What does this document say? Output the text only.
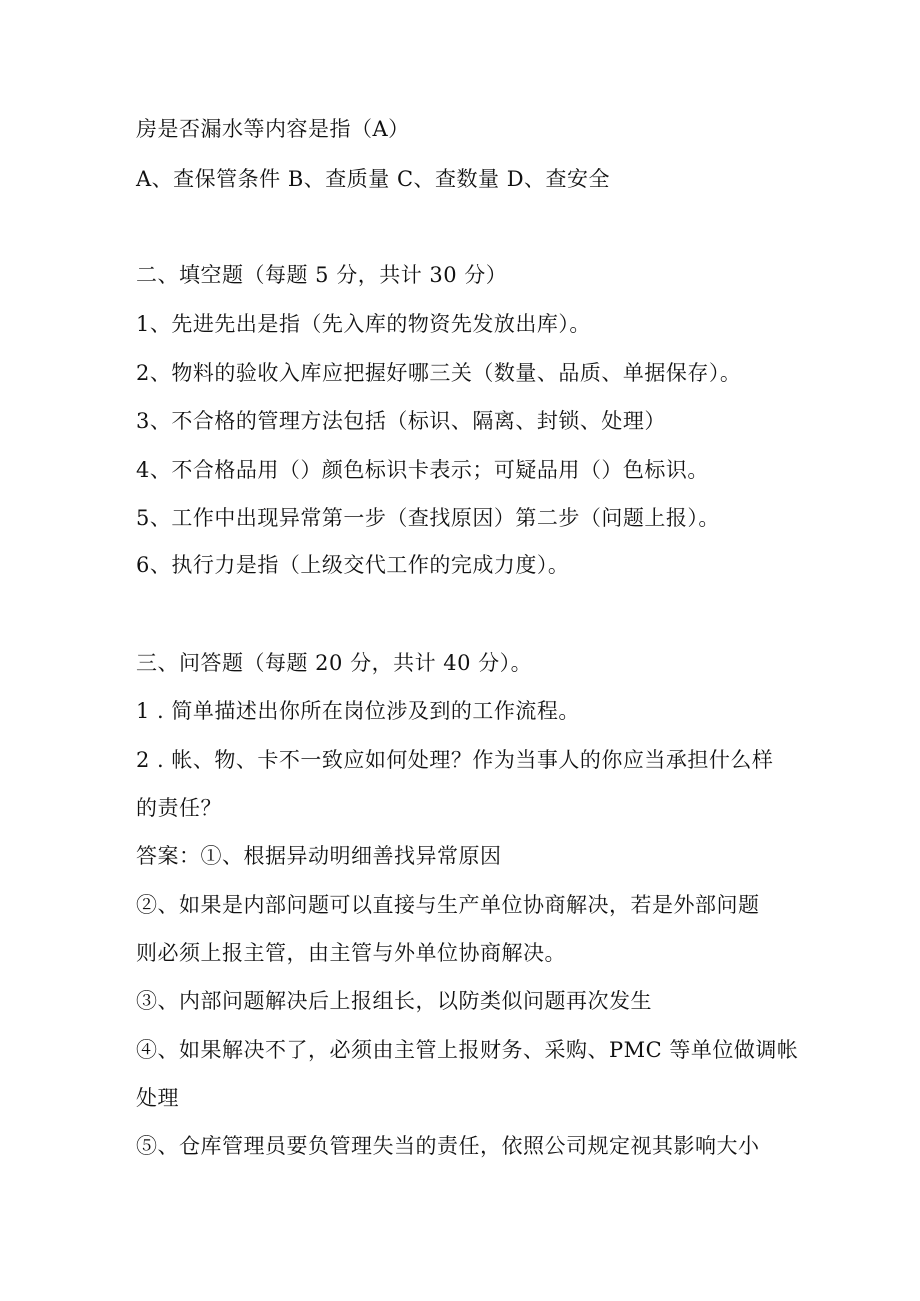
房是否漏水等内容是指（A）
A、查保管条件 B、查质量 C、查数量 D、查安全
二、填空题（每题 5 分，共计 30 分）
1、先进先出是指（先入库的物资先发放出库）。
2、物料的验收入库应把握好哪三关（数量、品质、单据保存）。
3、不合格的管理方法包括（标识、隔离、封锁、处理）
4、不合格品用（）颜色标识卡表示；可疑品用（）色标识。
5、工作中出现异常第一步（查找原因）第二步（问题上报）。
6、执行力是指（上级交代工作的完成力度）。
三、问答题（每题 20 分，共计 40 分）。
1 . 简单描述出你所在岗位涉及到的工作流程。
2 . 帐、物、卡不一致应如何处理？作为当事人的你应当承担什么样
的责任？
答案：①、根据异动明细善找异常原因
②、如果是内部问题可以直接与生产单位协商解决，若是外部问题
则必须上报主管，由主管与外单位协商解决。
③、内部问题解决后上报组长，以防类似问题再次发生
④、如果解决不了，必须由主管上报财务、采购、PMC 等单位做调帐
处理
⑤、仓库管理员要负管理失当的责任，依照公司规定视其影响大小
